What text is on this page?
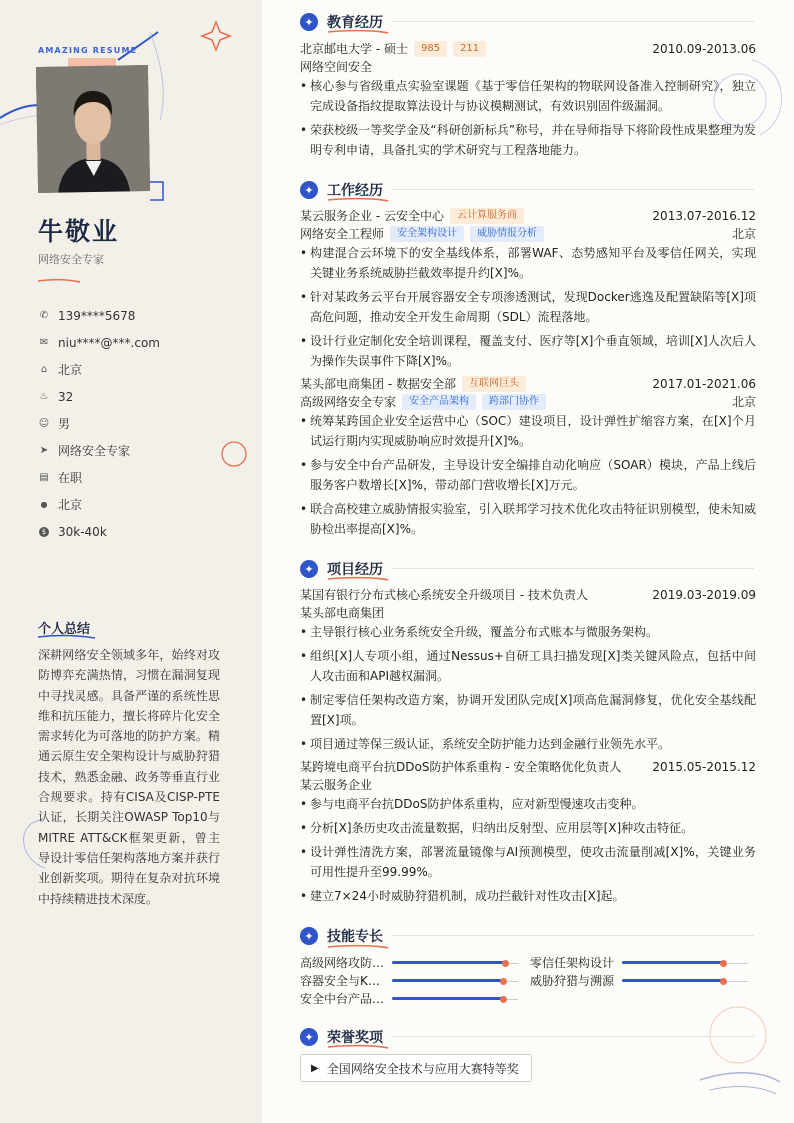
AMAZING RESUME
牛敬业
网络安全专家
✆ 139****5678
✉ niu****@***.com
⌂ 北京
♨ 32
☺ 男
➤ 网络安全专家
▤ 在职
● 北京
$ 30k-40k
个人总结
深耕网络安全领域多年，始终对攻防博弈充满热情，习惯在漏洞复现中寻找灵感。具备严谨的系统性思维和抗压能力，擅长将碎片化安全需求转化为可落地的防护方案。精通云原生安全架构设计与威胁狩猎技术，熟悉金融、政务等垂直行业合规要求。持有CISA及CISP-PTE认证，长期关注OWASP Top10与MITRE ATT&CK框架更新，曾主导设计零信任架构落地方案并获行业创新奖项。期待在复杂对抗环境中持续精进技术深度。
✦ 教育经历
北京邮电大学 - 硕士	985	211	2010.09-2013.06
网络空间安全
• 核心参与省级重点实验室课题《基于零信任架构的物联网设备准入控制研究》，独立完成设备指纹提取算法设计与协议模糊测试，有效识别固件级漏洞。
• 荣获校级一等奖学金及“科研创新标兵”称号，并在导师指导下将阶段性成果整理为发明专利申请，具备扎实的学术研究与工程落地能力。
✦ 工作经历
某云服务企业 - 云安全中心	云计算服务商	2013.07-2016.12
网络安全工程师	安全架构设计	威胁情报分析	北京
• 构建混合云环境下的安全基线体系，部署WAF、态势感知平台及零信任网关，实现关键业务系统威胁拦截效率提升约[X]%。
• 针对某政务云平台开展容器安全专项渗透测试，发现Docker逃逸及配置缺陷等[X]项高危问题，推动安全开发生命周期（SDL）流程落地。
• 设计行业定制化安全培训课程，覆盖支付、医疗等[X]个垂直领域，培训[X]人次后人为操作失误事件下降[X]%。
某头部电商集团 - 数据安全部	互联网巨头	2017.01-2021.06
高级网络安全专家	安全产品架构	跨部门协作	北京
• 统筹某跨国企业安全运营中心（SOC）建设项目，设计弹性扩缩容方案，在[X]个月试运行期内实现威胁响应时效提升[X]%。
• 参与安全中台产品研发，主导设计安全编排自动化响应（SOAR）模块，产品上线后服务客户数增长[X]%，带动部门营收增长[X]万元。
• 联合高校建立威胁情报实验室，引入联邦学习技术优化攻击特征识别模型，使未知威胁检出率提高[X]%。
✦ 项目经历
某国有银行分布式核心系统安全升级项目 - 技术负责人	2019.03-2019.09
某头部电商集团
• 主导银行核心业务系统安全升级，覆盖分布式账本与微服务架构。
• 组织[X]人专项小组，通过Nessus+自研工具扫描发现[X]类关键风险点，包括中间人攻击面和API越权漏洞。
• 制定零信任架构改造方案，协调开发团队完成[X]项高危漏洞修复，优化安全基线配置[X]项。
• 项目通过等保三级认证，系统安全防护能力达到金融行业领先水平。
某跨境电商平台抗DDoS防护体系重构 - 安全策略优化负责人	2015.05-2015.12
某云服务企业
• 参与电商平台抗DDoS防护体系重构，应对新型慢速攻击变种。
• 分析[X]条历史攻击流量数据，归纳出反射型、应用层等[X]种攻击特征。
• 设计弹性清洗方案，部署流量镜像与AI预测模型，使攻击流量削减[X]%，关键业务可用性提升至99.99%。
• 建立7×24小时威胁狩猎机制，成功拦截针对性攻击[X]起。
✦ 技能专长
高级网络攻防…	零信任架构设计
容器安全与K…	威胁狩猎与溯源
安全中台产品…
✦ 荣誉奖项
▶ 全国网络安全技术与应用大赛特等奖
